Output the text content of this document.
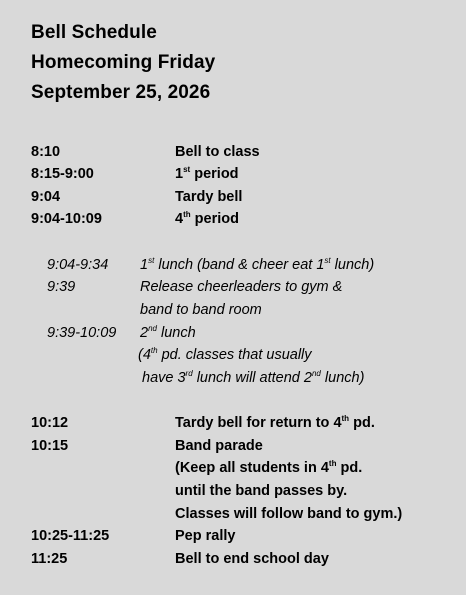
Bell Schedule
Homecoming Friday
September 25, 2026
8:10	Bell to class
8:15-9:00	1st period
9:04	Tardy bell
9:04-10:09	4th period
9:04-9:34 1st lunch (band & cheer eat 1st lunch)
9:39	Release cheerleaders to gym &
band to band room
9:39-10:09 2nd lunch
(4th pd. classes that usually
have 3rd lunch will attend 2nd lunch)
10:12	Tardy bell for return to 4th pd.
10:15	Band parade
(Keep all students in 4th pd.
until the band passes by.
Classes will follow band to gym.)
10:25-11:25	Pep rally
11:25	Bell to end school day
